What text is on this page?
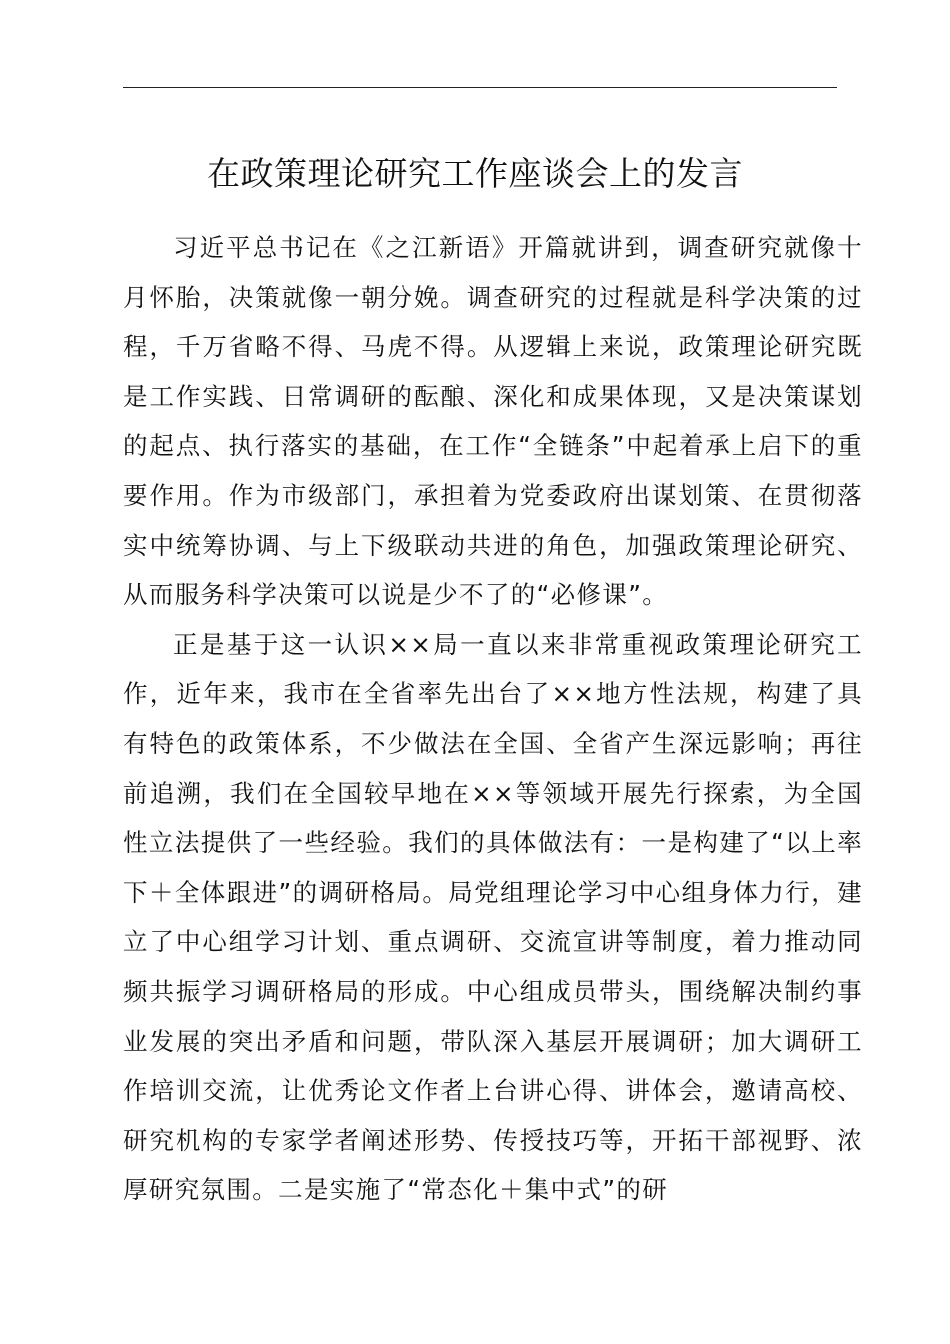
在政策理论研究工作座谈会上的发言

习近平总书记在《之江新语》开篇就讲到，调查研究就像十月怀胎，决策就像一朝分娩。调查研究的过程就是科学决策的过程，千万省略不得、马虎不得。从逻辑上来说，政策理论研究既是工作实践、日常调研的酝酿、深化和成果体现，又是决策谋划的起点、执行落实的基础，在工作“全链条”中起着承上启下的重要作用。作为市级部门，承担着为党委政府出谋划策、在贯彻落实中统筹协调、与上下级联动共进的角色，加强政策理论研究、从而服务科学决策可以说是少不了的“必修课”。

正是基于这一认识××局一直以来非常重视政策理论研究工作，近年来，我市在全省率先出台了××地方性法规，构建了具有特色的政策体系，不少做法在全国、全省产生深远影响；再往前追溯，我们在全国较早地在××等领域开展先行探索，为全国性立法提供了一些经验。我们的具体做法有：一是构建了“以上率下＋全体跟进”的调研格局。局党组理论学习中心组身体力行，建立了中心组学习计划、重点调研、交流宣讲等制度，着力推动同频共振学习调研格局的形成。中心组成员带头，围绕解决制约事业发展的突出矛盾和问题，带队深入基层开展调研；加大调研工作培训交流，让优秀论文作者上台讲心得、讲体会，邀请高校、研究机构的专家学者阐述形势、传授技巧等，开拓干部视野、浓厚研究氛围。二是实施了“常态化＋集中式”的研
